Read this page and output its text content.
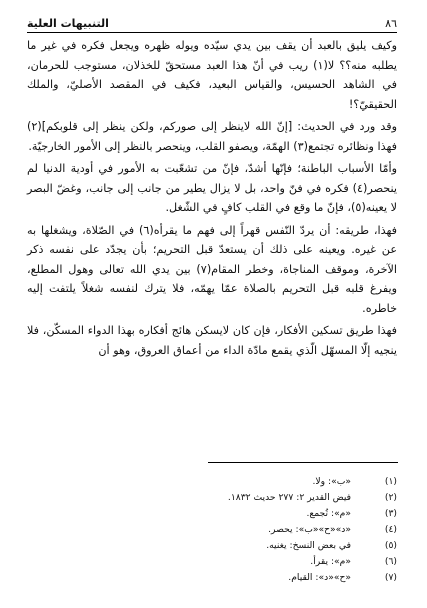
٨٦
التنبيهات العلية

وكيف يليق بالعبد أن يقف بين يدي سيّده ويوله ظهره ويجعل فكره في غير ما يطلبه منه؟؟ لا(١) ريب في أنّ هذا العبد مستحقّ للخذلان، مستوجب للحرمان، في الشاهد الحسيس، والقياس البعيد، فكيف في المقصد الأصليّ، والملك الحقيقيّ؟!

وقد ورد في الحديث: [إنّ الله لاينظر إلى صوركم، ولكن ينظر إلى قلوبكم](٢) فهذا ونظائره تجتمع(٣) الهمّة، ويصفو القلب، وينحصر بالنظر إلى الأمور الخارجيّة.

وأمّا الأسباب الباطنة؛ فإنّها أشدّ، فإنّ من تشعّبت به الأمور في أودية الدنيا لم ينحصر(٤) فكره في فنّ واحد، بل لا يزال يطير من جانب إلى جانب، وغضّ البصر لا يعينه(٥)، فإنّ ما وقع في القلب كافٍ في الشّغل.

فهذا، طريقه: أن يردّ النّفس قهراً إلى فهم ما يقرأه(٦) في الصّلاة، ويشغلها به عن غيره. ويعينه على ذلك أن يستعدّ قبل التحريم؛ بأن يجدّد على نفسه ذكر الآخرة، وموقف المناجاة، وخطر المقام(٧) بين يدي الله تعالى وهول المطلع، ويفرغ قلبه قبل التحريم بالصلاة عمّا يهمّه، فلا يترك لنفسه شغلاً يلتفت إليه خاطره.

فهذا طريق تسكين الأفكار، فإن كان لايسكن هائج أفكاره بهذا الدواء المسكّن، فلا ينجيه إلّا المسهّل الّذي يقمع مادّة الداء من أعماق العروق، وهو أن

(١)«ب»: ولا.
(٢)فيض القدير ٢: ٢٧٧ حديث ١٨٣٢.
(٣)«م»: تُجمع.
(٤)«د»«ح»«ب»: يحصر.
(٥)في بعض النسخ: يغنيه.
(٦)«م»: يقرأ.
(٧)«ح»«د»: القيام.
